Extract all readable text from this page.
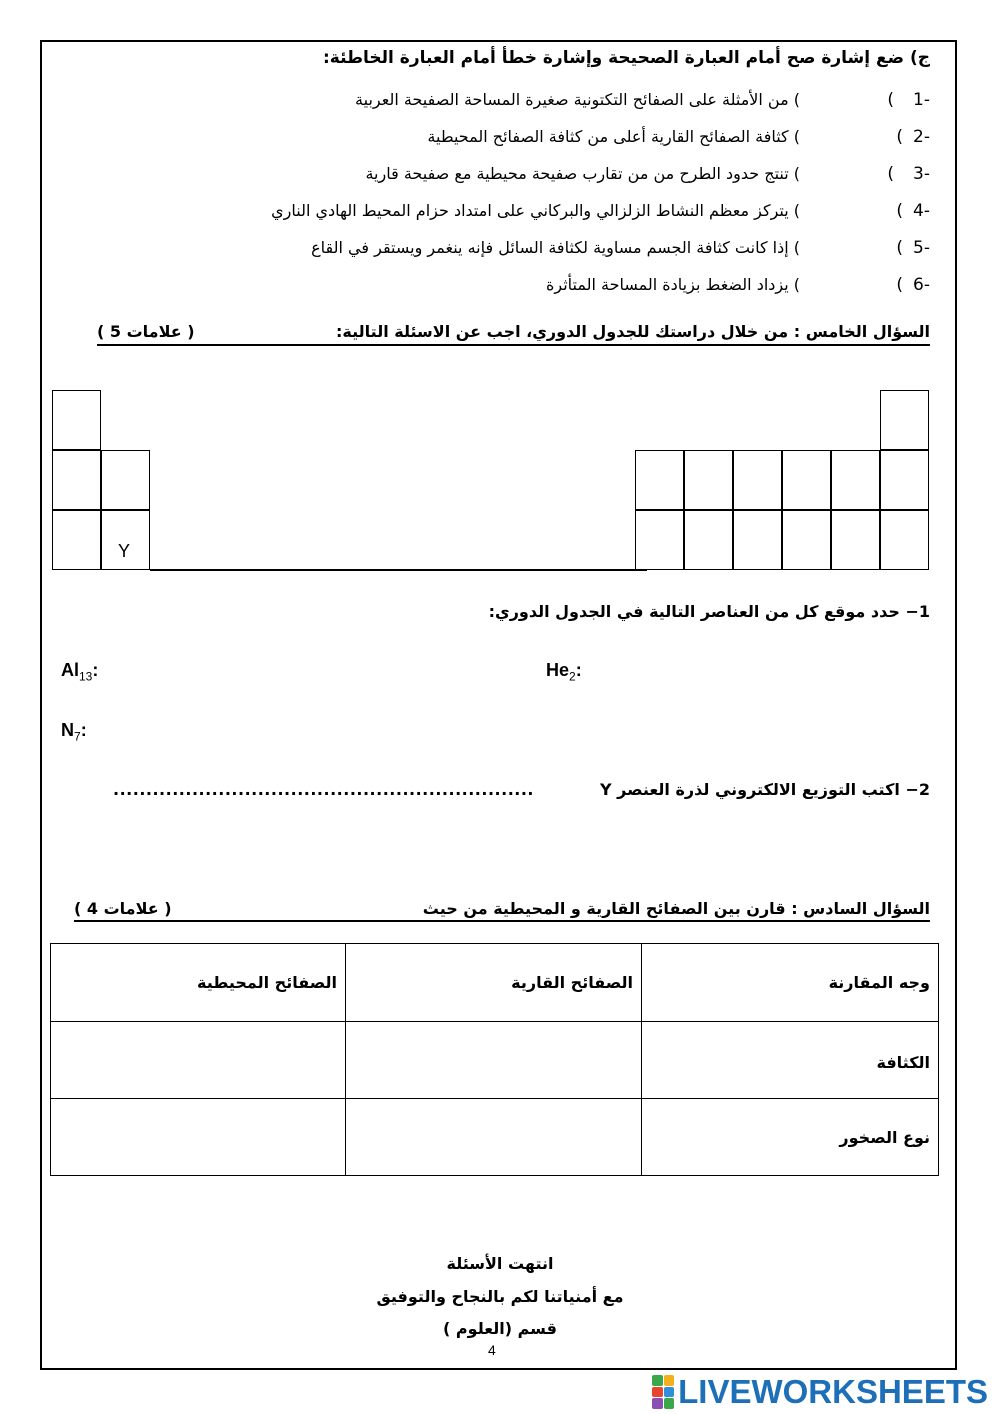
ج) ضع إشارة صح أمام العبارة الصحيحة وإشارة خطأ أمام العبارة الخاطئة:
1-
(
) من الأمثلة على الصفائح التكتونية صغيرة المساحة الصفيحة العربية
2-
(
) كثافة الصفائح القارية أعلى من كثافة الصفائح المحيطية
3-
(
) تنتج حدود الطرح من من تقارب صفيحة محيطية مع صفيحة قارية
4-
(
) يتركز معظم النشاط الزلزالي والبركاني على امتداد حزام المحيط الهادي الناري
5-
(
) إذا كانت كثافة الجسم مساوية لكثافة السائل فإنه ينغمر ويستقر في القاع
6-
(
) يزداد الضغط بزيادة المساحة المتأثرة
السؤال الخامس : من خلال دراستك للجدول الدوري، اجب عن الاسئلة التالية:
( 5 علامات )
Y
1− حدد موقع كل من العناصر التالية في الجدول الدوري:
$Al_{13}$:	$He_2$:
$N_7$:
2− اكتب التوزيع الالكتروني لذرة العنصر Y
................................................................
السؤال السادس : قارن بين الصفائح القارية و المحيطية من حيث
( 4 علامات )
وجه المقارنة	الصفائح القارية	الصفائح المحيطية
الكثافة		
نوع الصخور		
انتهت الأسئلة
مع أمنياتنا لكم بالنجاح والتوفيق
قسم (العلوم )
4
LIVEWORKSHEETS
